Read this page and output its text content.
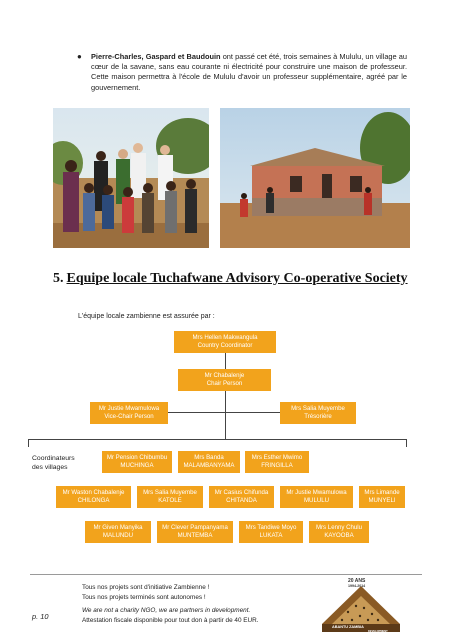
● Pierre-Charles, Gaspard et Baudouin ont passé cet été, trois semaines à Mululu, un village au cœur de la savane, sans eau courante ni électricité pour construire une maison de professeur. Cette maison permettra à l'école de Mululu d'avoir un professeur supplémentaire, agréé par le gouvernement.

5. Equipe locale Tuchafwane Advisory Co-operative Society
L'équipe locale zambienne est assurée par :
Mrs Hellen Makwangula
Country Coordinator
Mr Chabalenje
Chair Person
Mr Justie Mwamulowa
Vice-Chair Person
Mrs Salia Muyembe
Trésorière
Coordinateurs
des villages
Mr Pension Chibumbu
MUCHINGA
Mrs Banda
MALAMBANYAMA
Mrs Esther Mwimo
FRINGILLA
Mr Waston Chabalenje
CHILONGA
Mrs Salia Muyembe
KATOLE
Mr Casius Chifunda
CHITANDA
Mr Justie Mwamulowa
MULULU
Mrs Limande
MUNYELI
Mr Given Manyika
MALUNDU
Mr Clever Pampanyama
MUNTEMBA
Mrs Tandiwe Moyo
LUKATA
Mrs Lenny Chulu
KAYOOBA
Tous nos projets sont d'initiative Zambienne !
Tous nos projets terminés sont autonomes !
We are not a charity NGO, we are partners in development.
Attestation fiscale disponible pour tout don à partir de 40 EUR.
p. 10
20 ANS
1994-2014
ABANTU ZAMBIA
DEVELOPMENT
